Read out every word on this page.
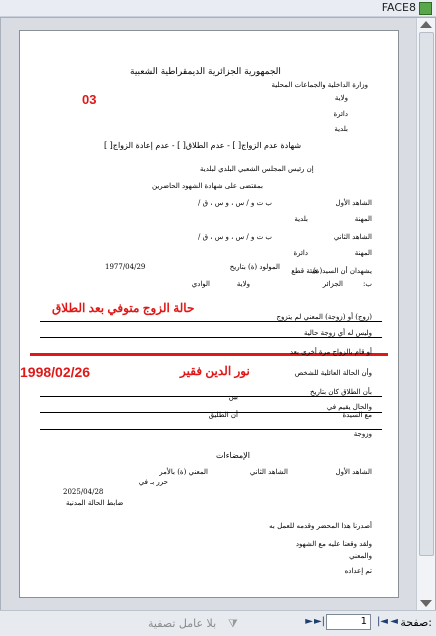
FACE8
الجمهورية الجزائرية الديمقراطية الشعبية
وزارة الداخلية والجماعات المحلية
ولاية
دائرة
بلدية
03
شهادة عدم الزواج[ ] - عدم الطلاق[ ] - عدم إعادة الزواج[ ]
إن رئيس المجلس الشعبي البلدي لبلدية
بمقتضى على شهادة الشهود الحاضرين
الشاهد الأول
ب ت و / س ، و س ، ق /
المهنة
بلدية
الشاهد الثاني
ب ت و / س ، و س ، ق /
المهنة
دائرة
المولود (ة) بتاريخ
1977/04/29	يشهدان أن السيد(ة)
هيئة قطع
ب:
الجزائر
ولاية
الوادي
حالة الزوج متوفي بعد الطلاق
(زوج) أو (زوجة) المعني لم يتزوج
وليس له أي زوجة حالية
أو قام بالزواج مرة أخرى بعد
1998/02/26	نور الدين فقير	وأن الحالة العائلية للشخص
بأن الطلاق كان بتاريخ
والحال يقيم في
بين
أن الطليق	مع السيدة
وزوجة
الإمضاءات
الشاهد الأول
الشاهد الثاني
المعني (ة) بالأمر
حرر بـ في
2025/04/28
ضابط الحالة المدنية
أصدرنا هذا المحضر وقدمه للعمل به
ولقد وقعنا عليه مع الشهود
والمعني
تم إعداده
صفحة:
|◄ ◄
1
► ►|
⧩
بلا عامل تصفية
